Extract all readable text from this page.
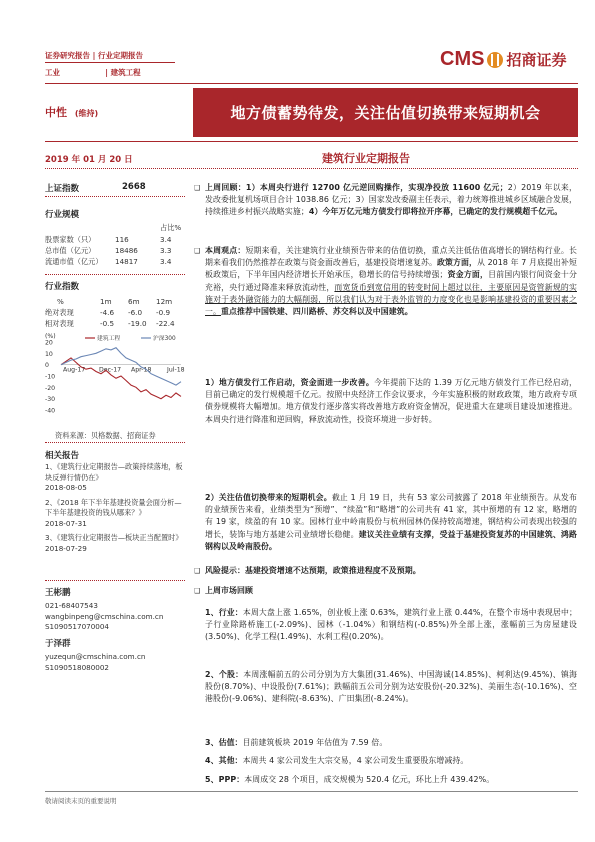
证券研究报告 | 行业定期报告
工业	| 建筑工程
CMS 招商证券
中性 (维持)	地方债蓄势待发，关注估值切换带来短期机会
2019 年 01 月 20 日	建筑行业定期报告
上证指数	2668
行业规模
占比%
股票家数（只）	116	3.4
总市值（亿元）	18486	3.3
流通市值（亿元）	14817	3.4
行业指数
%	1m	6m	12m
绝对表现	-4.6	-6.0	-0.9
相对表现	-0.5	-19.0	-22.4
(%)
20
10
0
-10
-20
-30
-40
Aug-17 Dec-17 Apr-18	Jul-18
建筑工程	沪深300
资料来源：贝格数据、招商证券
相关报告
1、《建筑行业定期报告—政策持续落地，板块反弹行情仍在》
2018-08-05
2、《2018 年下半年基建投资量会面分析—下半年基建投资的钱从哪来？》
2018-07-31
3、《建筑行业定期报告—板块正当配置时》
2018-07-29
王彬鹏
021-68407543
wangbinpeng@cmschina.com.cn
S1090517070004
于泽群
yuzequn@cmschina.com.cn
S1090518080002
❑ 上周回顾：1）本周央行进行 12700 亿元逆回购操作，实现净投放 11600 亿元；2）2019 年以来，发改委批复机场项目合计 1038.86 亿元；3）国家发改委副主任表示，着力统筹推进城乡区域融合发展，持续推进乡村振兴战略实施；4）今年万亿元地方债发行即将拉开序幕，已确定的发行规模超千亿元。
❑ 本周观点：短期来看，关注建筑行业业绩预告带来的估值切换，重点关注低估值高增长的钢结构行业。长期来看我们仍然推荐在政策与资金面改善后，基建投资增速复苏。政策方面，从 2018 年 7 月底提出补短板政策后，下半年国内经济增长开始承压，稳增长的信号持续增强；资金方面，目前国内银行间资金十分充裕，央行通过降准来释放流动性，而宽货币到宽信用的转变时间上超过以往，主要原因是资管新规的实施对于表外融资能力的大幅削弱，所以我们认为对于表外监管的力度变化也是影响基建投资的重要因素之一。重点推荐中国铁建、四川路桥、苏交科以及中国建筑。
1）地方债发行工作启动，资金面进一步改善。今年提前下达的 1.39 万亿元地方债发行工作已经启动，目前已确定的发行规模超千亿元。按照中央经济工作会议要求，今年实施积极的财政政策，地方政府专项债券规模将大幅增加。地方债发行逐步落实将改善地方政府资金情况，促进重大在建项目建设加速推进。本周央行进行降准和逆回购，释放流动性，投资环境进一步好转。
2）关注估值切换带来的短期机会。截止 1 月 19 日，共有 53 家公司披露了 2018 年业绩预告。从发布的业绩预告来看，业绩类型为“预增”、“续盈”和“略增”的公司共有 41 家，其中预增的有 12 家，略增的有 19 家，续盈的有 10 家。园林行业中岭南股份与杭州园林仍保持较高增速，钢结构公司表现出较强的增长，装饰与地方基建公司业绩增长稳健。建议关注业绩有支撑，受益于基建投资复苏的中国建筑、鸿路钢构以及岭南股份。
❑ 风险提示：基建投资增速不达预期，政策推进程度不及预期。
❑ 上周市场回顾
1、行业：本周大盘上涨 1.65%，创业板上涨 0.63%，建筑行业上涨 0.44%，在整个市场中表现居中；子行业除路桥施工(-2.09%)、园林（-1.04%）和钢结构(-0.85%)外全部上涨，涨幅前三为房屋建设(3.50%)、化学工程(1.49%)、水利工程(0.20%)。
2、个股：本周涨幅前五的公司分别为方大集团(31.46%)、中国海诚(14.85%)、柯利达(9.45%)、镇海股份(8.70%)、中设股份(7.61%)；跌幅前五公司分别为达安股份(-20.32%)、美丽生态(-10.16%)、空港股份(-9.06%)、建科院(-8.63%)、广田集团(-8.24%)。
3、估值：目前建筑板块 2019 年估值为 7.59 倍。
4、其他：本周共 4 家公司发生大宗交易，4 家公司发生重要股东增减持。
5、PPP：本周成交 28 个项目，成交规模为 520.4 亿元，环比上升 439.42%。
敬请阅读末页的重要说明
